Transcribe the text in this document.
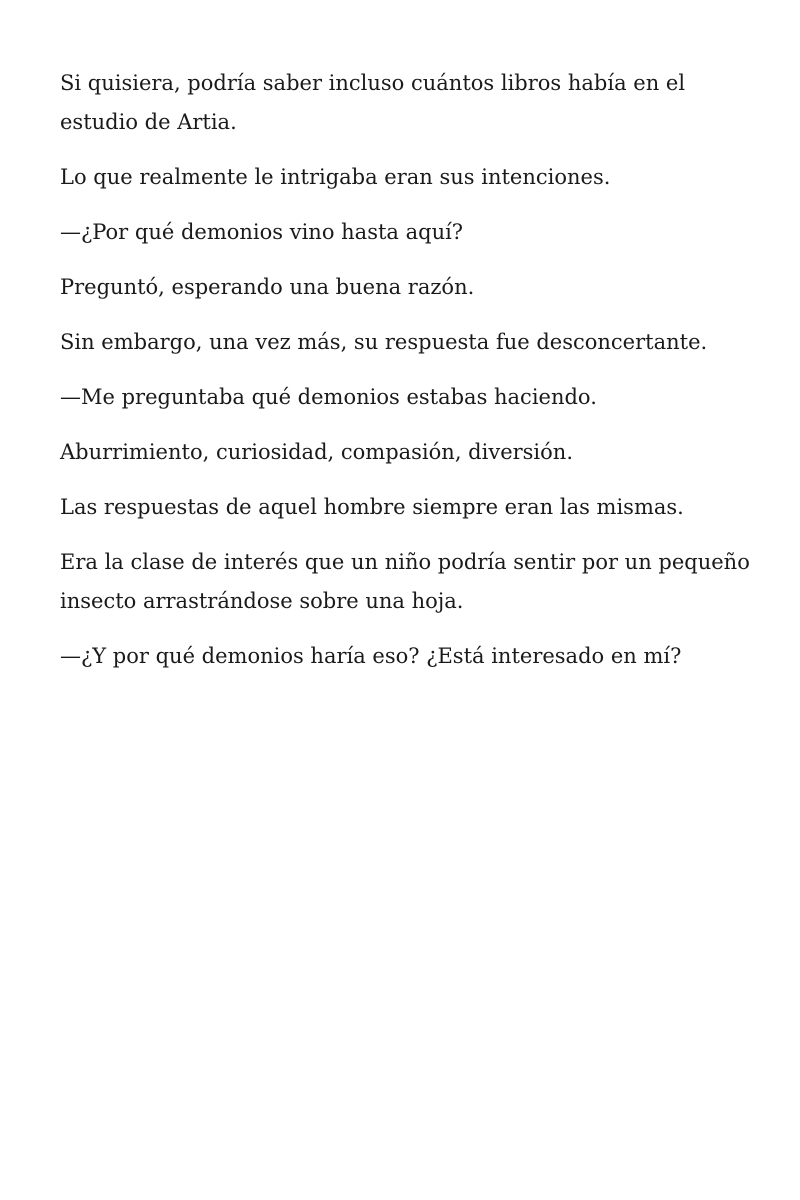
Si quisiera, podría saber incluso cuántos libros había en el estudio de Artia.

Lo que realmente le intrigaba eran sus intenciones.

—¿Por qué demonios vino hasta aquí?

Preguntó, esperando una buena razón.

Sin embargo, una vez más, su respuesta fue desconcertante.

—Me preguntaba qué demonios estabas haciendo.

Aburrimiento, curiosidad, compasión, diversión.

Las respuestas de aquel hombre siempre eran las mismas.

Era la clase de interés que un niño podría sentir por un pequeño insecto arrastrándose sobre una hoja.

—¿Y por qué demonios haría eso? ¿Está interesado en mí?
